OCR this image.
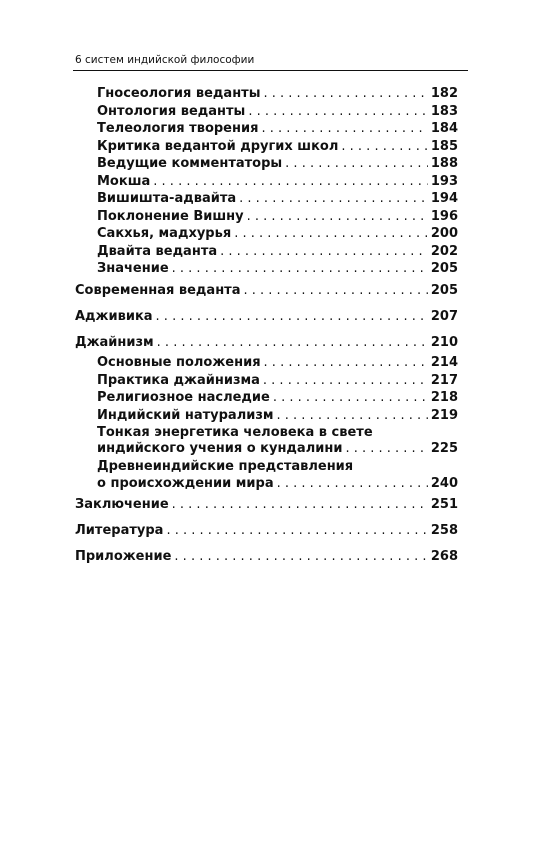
6 систем индийской философии
Гносеология веданты . . .	182
Онтология веданты . . .	183
Телеология творения . . .	184
Критика ведантой других школ . . .	185
Ведущие комментаторы . . .	188
Мокша . . .	193
Вишишта-адвайта . . .	194
Поклонение Вишну . . .	196
Сакхья, мадхурья . . .	200
Двайта веданта . . .	202
Значение . . .	205
Современная веданта . . .	205
Адживика . . .	207
Джайнизм . . .	210
Основные положения . . .	214
Практика джайнизма . . .	217
Религиозное наследие . . .	218
Индийский натурализм . . .	219
Тонкая энергетика человека в свете
индийского учения о кундалини . . .	225
Древнеиндийские представления
о происхождении мира . . .	240
Заключение . . .	251
Литература . . .	258
Приложение . . .	268
